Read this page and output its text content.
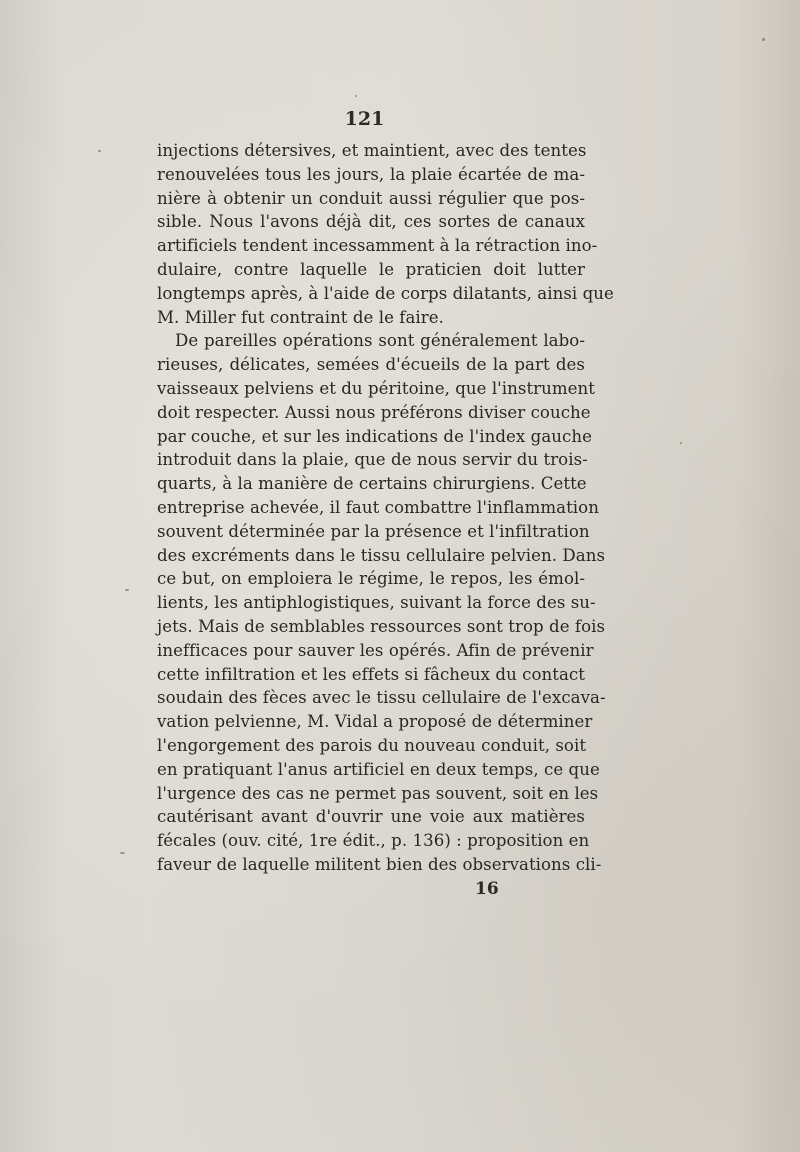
121
injections détersives, et maintient, avec des tentes
renouvelées tous les jours, la plaie écartée de ma-
nière à obtenir un conduit aussi régulier que pos-
sible. Nous l'avons déjà dit, ces sortes de canaux
artificiels tendent incessamment à la rétraction ino-
dulaire, contre laquelle le praticien doit lutter
longtemps après, à l'aide de corps dilatants, ainsi que
M. Miller fut contraint de le faire.
De pareilles opérations sont généralement labo-
rieuses, délicates, semées d'écueils de la part des
vaisseaux pelviens et du péritoine, que l'instrument
doit respecter. Aussi nous préférons diviser couche
par couche, et sur les indications de l'index gauche
introduit dans la plaie, que de nous servir du trois-
quarts, à la manière de certains chirurgiens. Cette
entreprise achevée, il faut combattre l'inflammation
souvent déterminée par la présence et l'infiltration
des excréments dans le tissu cellulaire pelvien. Dans
ce but, on emploiera le régime, le repos, les émol-
lients, les antiphlogistiques, suivant la force des su-
jets. Mais de semblables ressources sont trop de fois
inefficaces pour sauver les opérés. Afin de prévenir
cette infiltration et les effets si fâcheux du contact
soudain des fèces avec le tissu cellulaire de l'excava-
vation pelvienne, M. Vidal a proposé de déterminer
l'engorgement des parois du nouveau conduit, soit
en pratiquant l'anus artificiel en deux temps, ce que
l'urgence des cas ne permet pas souvent, soit en les
cautérisant avant d'ouvrir une voie aux matières
fécales (ouv. cité, 1re édit., p. 136) : proposition en
faveur de laquelle militent bien des observations cli-
16
